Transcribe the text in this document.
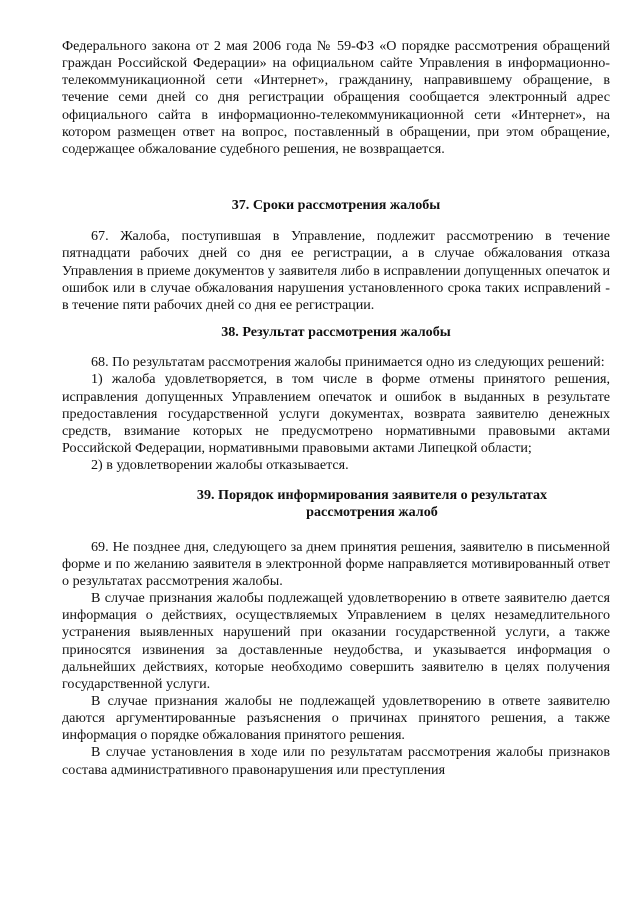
Федерального закона от 2 мая 2006 года № 59-ФЗ «О порядке рассмотрения обращений граждан Российской Федерации» на официальном сайте Управления в информационно-телекоммуникационной сети «Интернет», гражданину, направившему обращение, в течение семи дней со дня регистрации обращения сообщается электронный адрес официального сайта в информационно-телекоммуникационной сети «Интернет», на котором размещен ответ на вопрос, поставленный в обращении, при этом обращение, содержащее обжалование судебного решения, не возвращается.

37. Сроки рассмотрения жалобы

67. Жалоба, поступившая в Управление, подлежит рассмотрению в течение пятнадцати рабочих дней со дня ее регистрации, а в случае обжалования отказа Управления в приеме документов у заявителя либо в исправлении допущенных опечаток и ошибок или в случае обжалования нарушения установленного срока таких исправлений - в течение пяти рабочих дней со дня ее регистрации.

38. Результат рассмотрения жалобы

68. По результатам рассмотрения жалобы принимается одно из следующих решений:

1) жалоба удовлетворяется, в том числе в форме отмены принятого решения, исправления допущенных Управлением опечаток и ошибок в выданных в результате предоставления государственной услуги документах, возврата заявителю денежных средств, взимание которых не предусмотрено нормативными правовыми актами Российской Федерации, нормативными правовыми актами Липецкой области;

2) в удовлетворении жалобы отказывается.

39. Порядок информирования заявителя о результатах
рассмотрения жалоб

69. Не позднее дня, следующего за днем принятия решения, заявителю в письменной форме и по желанию заявителя в электронной форме направляется мотивированный ответ о результатах рассмотрения жалобы.

В случае признания жалобы подлежащей удовлетворению в ответе заявителю дается информация о действиях, осуществляемых Управлением в целях незамедлительного устранения выявленных нарушений при оказании государственной услуги, а также приносятся извинения за доставленные неудобства, и указывается информация о дальнейших действиях, которые необходимо совершить заявителю в целях получения государственной услуги.

В случае признания жалобы не подлежащей удовлетворению в ответе заявителю даются аргументированные разъяснения о причинах принятого решения, а также информация о порядке обжалования принятого решения.

В случае установления в ходе или по результатам рассмотрения жалобы признаков состава административного правонарушения или преступления
